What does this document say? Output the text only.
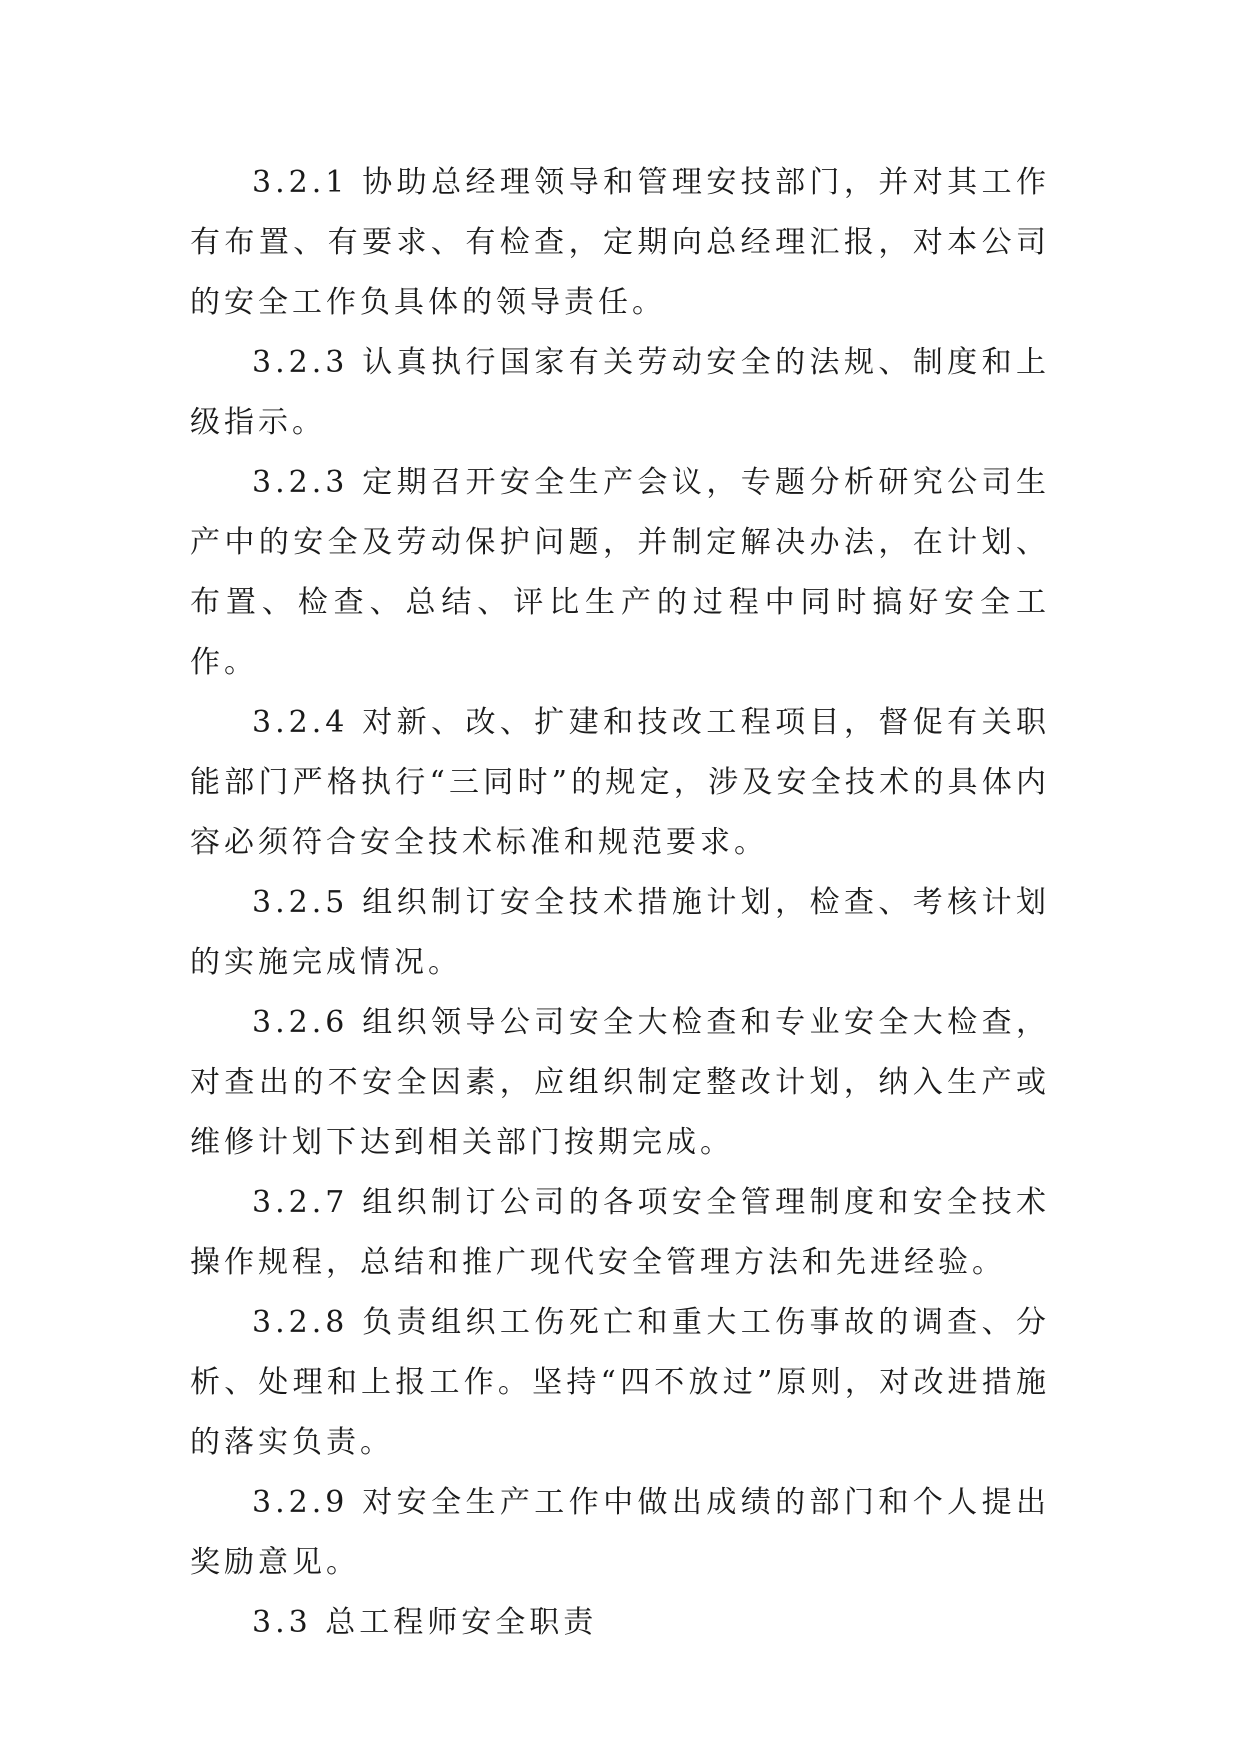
3.2.1 协助总经理领导和管理安技部门，并对其工作有布置、有要求、有检查，定期向总经理汇报，对本公司的安全工作负具体的领导责任。

3.2.3 认真执行国家有关劳动安全的法规、制度和上级指示。

3.2.3 定期召开安全生产会议，专题分析研究公司生产中的安全及劳动保护问题，并制定解决办法，在计划、布置、检查、总结、评比生产的过程中同时搞好安全工作。

3.2.4 对新、改、扩建和技改工程项目，督促有关职能部门严格执行“三同时”的规定，涉及安全技术的具体内容必须符合安全技术标准和规范要求。

3.2.5 组织制订安全技术措施计划，检查、考核计划的实施完成情况。

3.2.6 组织领导公司安全大检查和专业安全大检查，对查出的不安全因素，应组织制定整改计划，纳入生产或维修计划下达到相关部门按期完成。

3.2.7 组织制订公司的各项安全管理制度和安全技术操作规程，总结和推广现代安全管理方法和先进经验。

3.2.8 负责组织工伤死亡和重大工伤事故的调查、分析、处理和上报工作。坚持“四不放过”原则，对改进措施的落实负责。

3.2.9 对安全生产工作中做出成绩的部门和个人提出奖励意见。

3.3 总工程师安全职责
